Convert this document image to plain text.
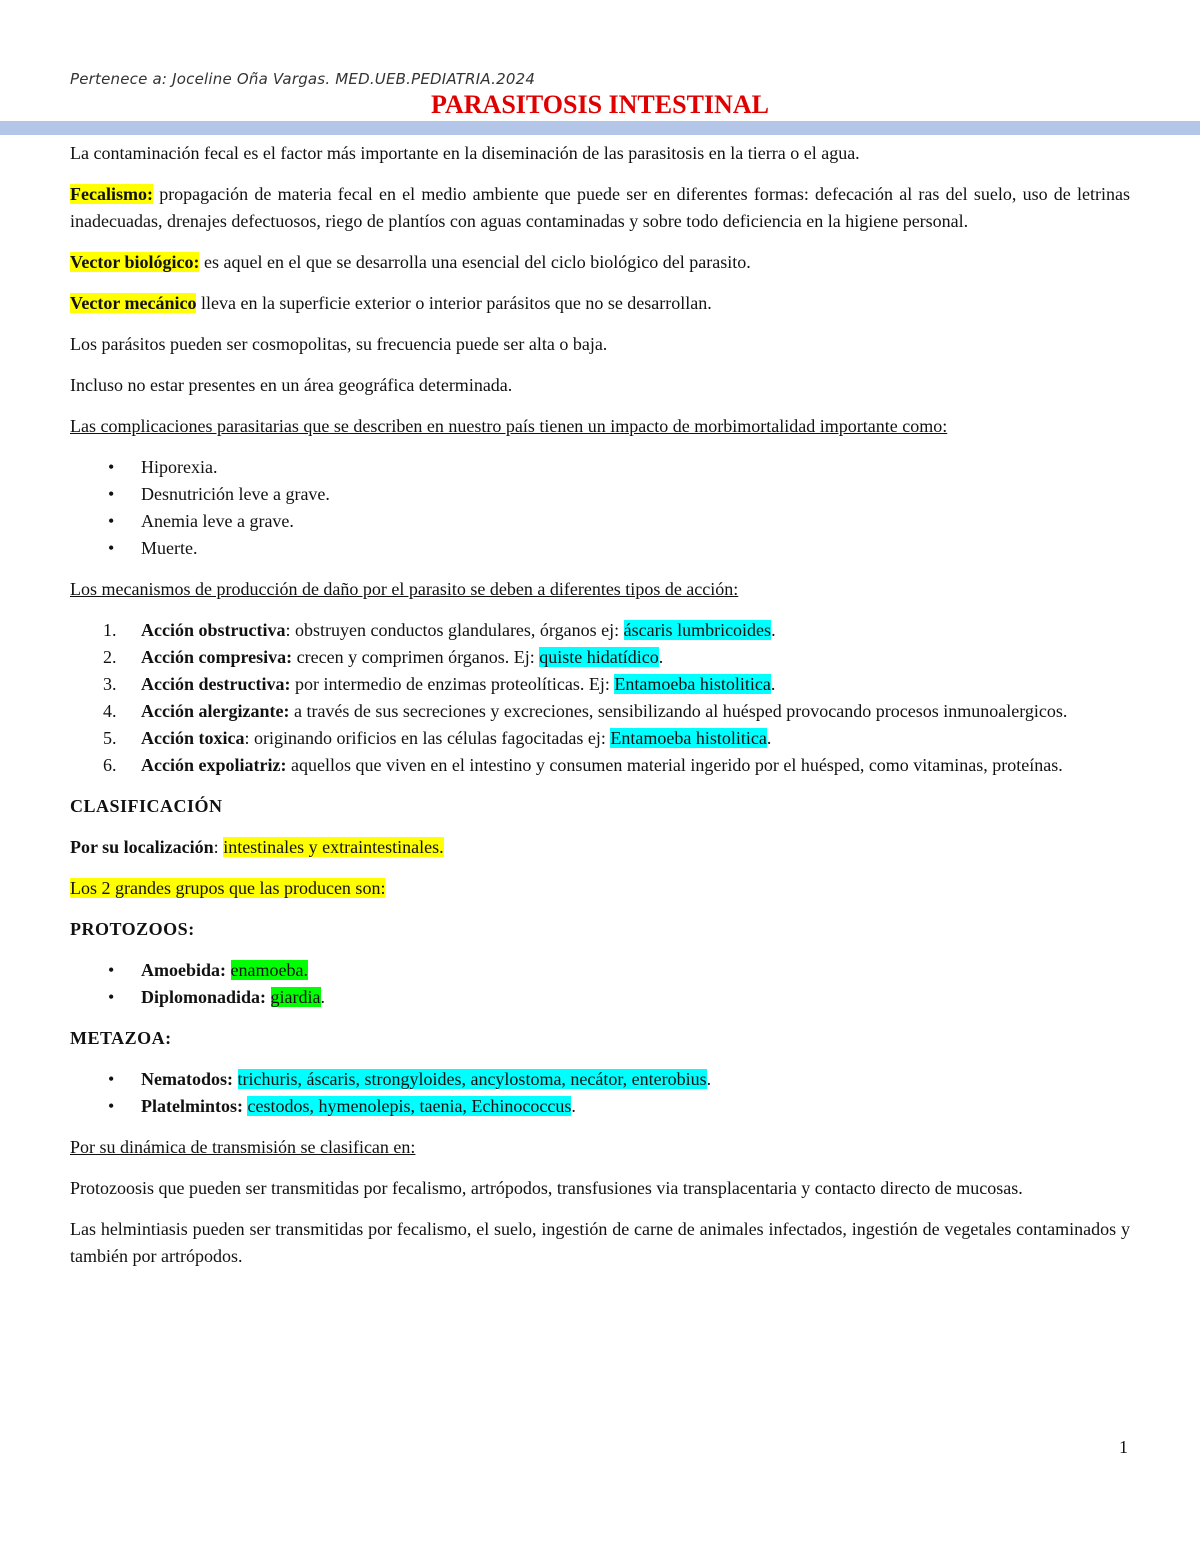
Pertenece a: Joceline Oña Vargas. MED.UEB.PEDIATRIA.2024
PARASITOSIS INTESTINAL

La contaminación fecal es el factor más importante en la diseminación de las parasitosis en la tierra o el agua.

Fecalismo: propagación de materia fecal en el medio ambiente que puede ser en diferentes formas: defecación al ras del suelo, uso de letrinas inadecuadas, drenajes defectuosos, riego de plantíos con aguas contaminadas y sobre todo deficiencia en la higiene personal.

Vector biológico: es aquel en el que se desarrolla una esencial del ciclo biológico del parasito.

Vector mecánico lleva en la superficie exterior o interior parásitos que no se desarrollan.

Los parásitos pueden ser cosmopolitas, su frecuencia puede ser alta o baja.

Incluso no estar presentes en un área geográfica determinada.

Las complicaciones parasitarias que se describen en nuestro país tienen un impacto de morbimortalidad importante como:

• Hiporexia.
• Desnutrición leve a grave.
• Anemia leve a grave.
• Muerte.

Los mecanismos de producción de daño por el parasito se deben a diferentes tipos de acción:

1. Acción obstructiva: obstruyen conductos glandulares, órganos ej: áscaris lumbricoides.
2. Acción compresiva: crecen y comprimen órganos. Ej: quiste hidatídico.
3. Acción destructiva: por intermedio de enzimas proteolíticas. Ej: Entamoeba histolitica.
4. Acción alergizante: a través de sus secreciones y excreciones, sensibilizando al huésped provocando procesos inmunoalergicos.
5. Acción toxica: originando orificios en las células fagocitadas ej: Entamoeba histolitica.
6. Acción expoliatriz: aquellos que viven en el intestino y consumen material ingerido por el huésped, como vitaminas, proteínas.
CLASIFICACIÓN

Por su localización: intestinales y extraintestinales.

Los 2 grandes grupos que las producen son:

PROTOZOOS:
• Amoebida: enamoeba.
• Diplomonadida: giardia.
METAZOA:
• Nematodos: trichuris, áscaris, strongyloides, ancylostoma, necátor, enterobius.
• Platelmintos: cestodos, hymenolepis, taenia, Echinococcus.

Por su dinámica de transmisión se clasifican en:

Protozoosis que pueden ser transmitidas por fecalismo, artrópodos, transfusiones via transplacentaria y contacto directo de mucosas.

Las helmintiasis pueden ser transmitidas por fecalismo, el suelo, ingestión de carne de animales infectados, ingestión de vegetales contaminados y también por artrópodos.

1
